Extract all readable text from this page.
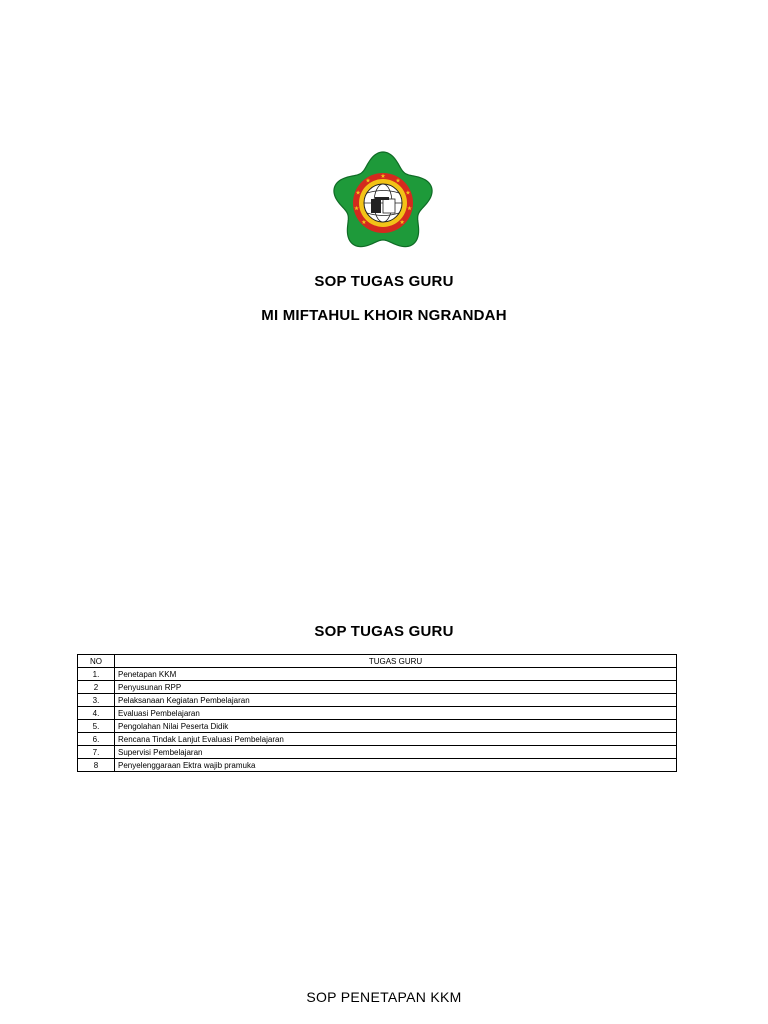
SOP TUGAS GURU
MI MIFTAHUL KHOIR NGRANDAH
SOP TUGAS GURU
NO	TUGAS GURU
1.	Penetapan KKM
2	Penyusunan RPP
3.	Pelaksanaan Kegiatan Pembelajaran
4.	Evaluasi Pembelajaran
5.	Pengolahan Nilai Peserta Didik
6.	Rencana Tindak Lanjut Evaluasi Pembelajaran
7.	Supervisi Pembelajaran
8	Penyelenggaraan Ektra wajib pramuka
SOP PENETAPAN KKM
